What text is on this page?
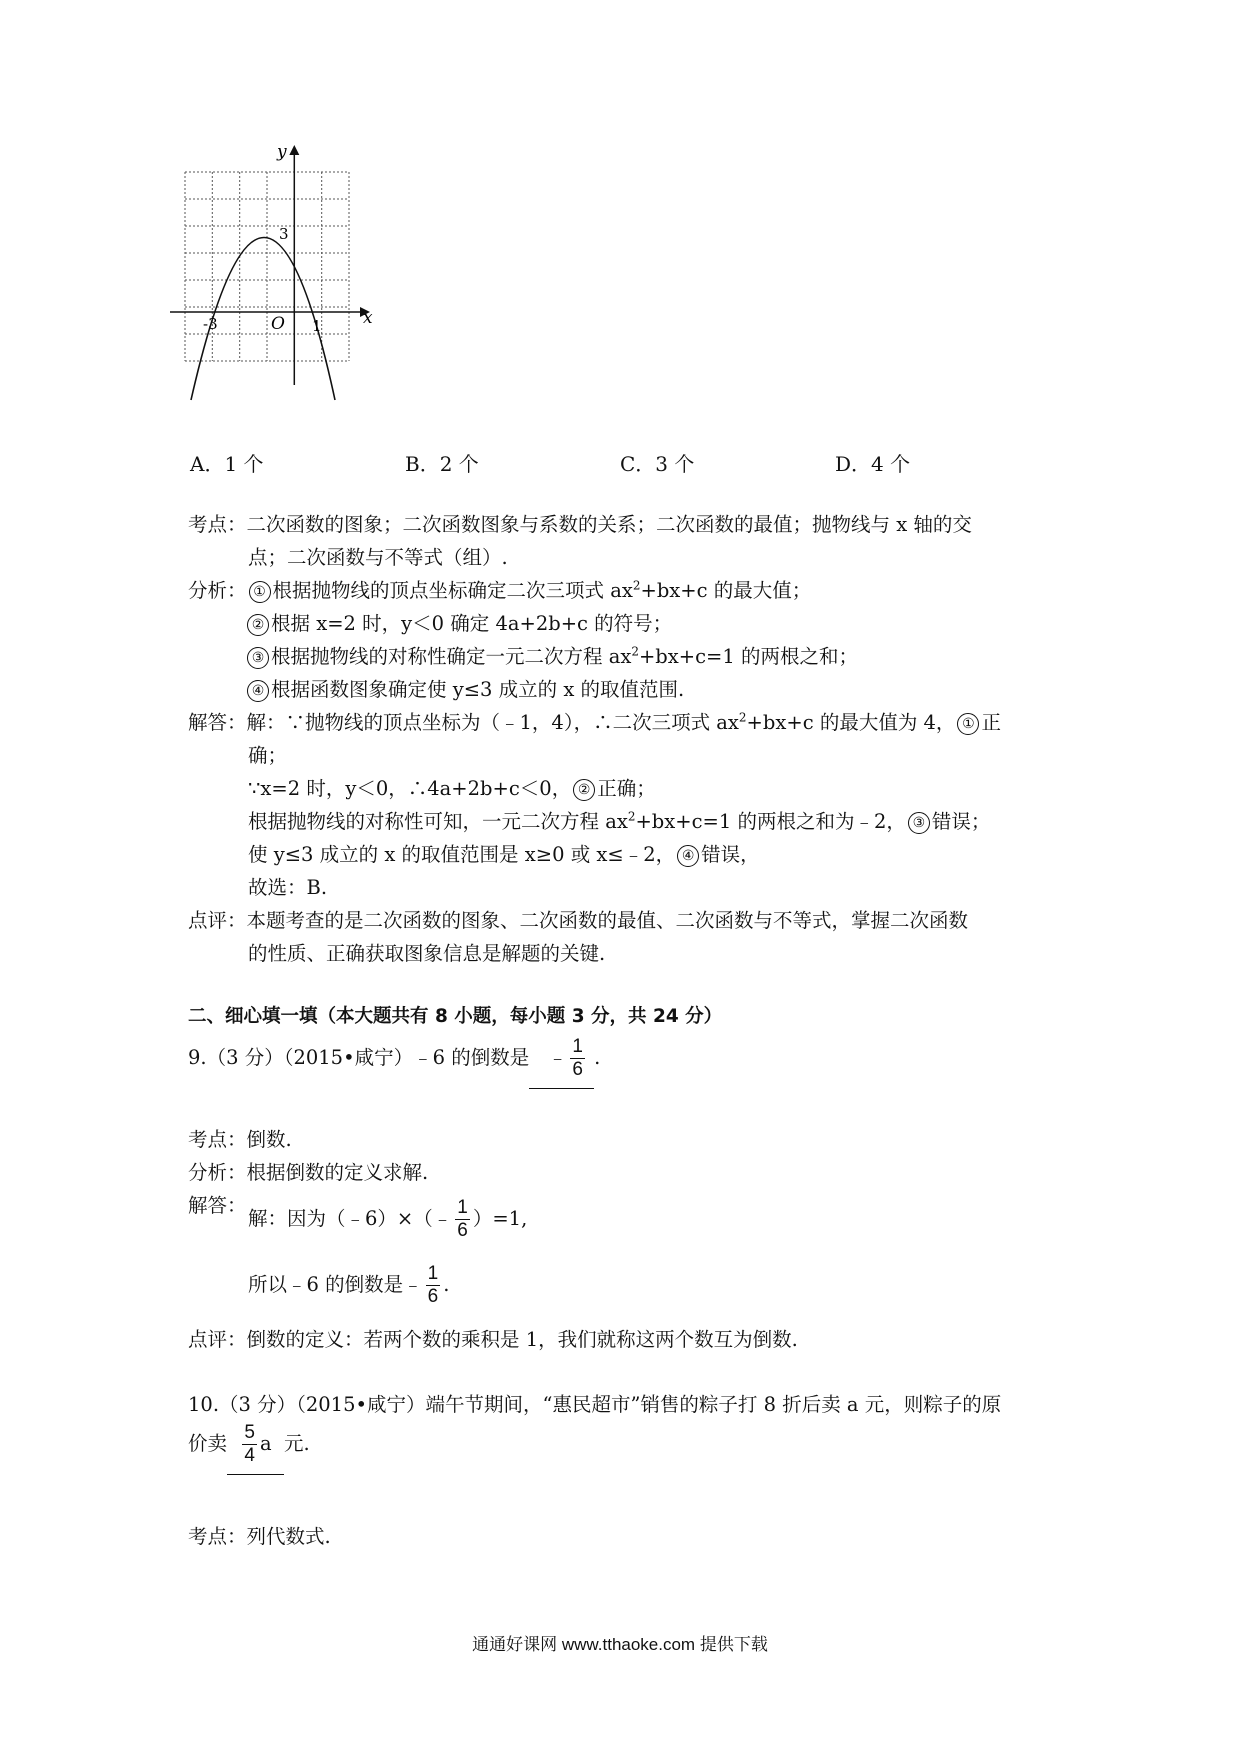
x
y
O
-3	1
3
A．1 个	B．2 个	C．3 个	D．4 个
考点：二次函数的图象；二次函数图象与系数的关系；二次函数的最值；抛物线与 x 轴的交
点；二次函数与不等式（组）.
分析： ① 根据抛物线的顶点坐标确定二次三项式 $ax^2+bx+c$ 的最大值；
② 根据 x=2 时，y＜0 确定 4a+2b+c 的符号；
③ 根据抛物线的对称性确定一元二次方程 $ax^2+bx+c=1$ 的两根之和；
④ 根据函数图象确定使 y≤3 成立的 x 的取值范围.
解答：解：∵抛物线的顶点坐标为（﹣1，4），∴二次三项式 $ax^2+bx+c$ 的最大值为 4， ① 正
确；
∵x=2 时，y＜0，∴4a+2b+c＜0， ② 正确；
根据抛物线的对称性可知，一元二次方程 $ax^2+bx+c=1$ 的两根之和为﹣2， ③ 错误；
使 y≤3 成立的 x 的取值范围是 x≥0 或 x≤﹣2， ④ 错误，
故选：B.
点评：本题考查的是二次函数的图象、二次函数的最值、二次函数与不等式，掌握二次函数
的性质、正确获取图象信息是解题的关键.
二、细心填一填（本大题共有 8 小题，每小题 3 分，共 24 分）
9.（3 分）（2015•咸宁）﹣6 的倒数是 ﹣ $\frac{1}{6}$ .
考点：倒数.
分析：根据倒数的定义求解.
解答：
解：因为（﹣6）×（﹣ $\frac{1}{6} )=1$,
所以﹣6 的倒数是﹣ $\frac{1}{6}$ .
点评：倒数的定义：若两个数的乘积是 1，我们就称这两个数互为倒数.
10.（3 分）（2015•咸宁）端午节期间，“惠民超市”销售的粽子打 8 折后卖 a 元，则粽子的原
价卖 $\frac{5}{4}$ a 元.
考点：列代数式.
通通好课网 www.tthaoke.com 提供下载
